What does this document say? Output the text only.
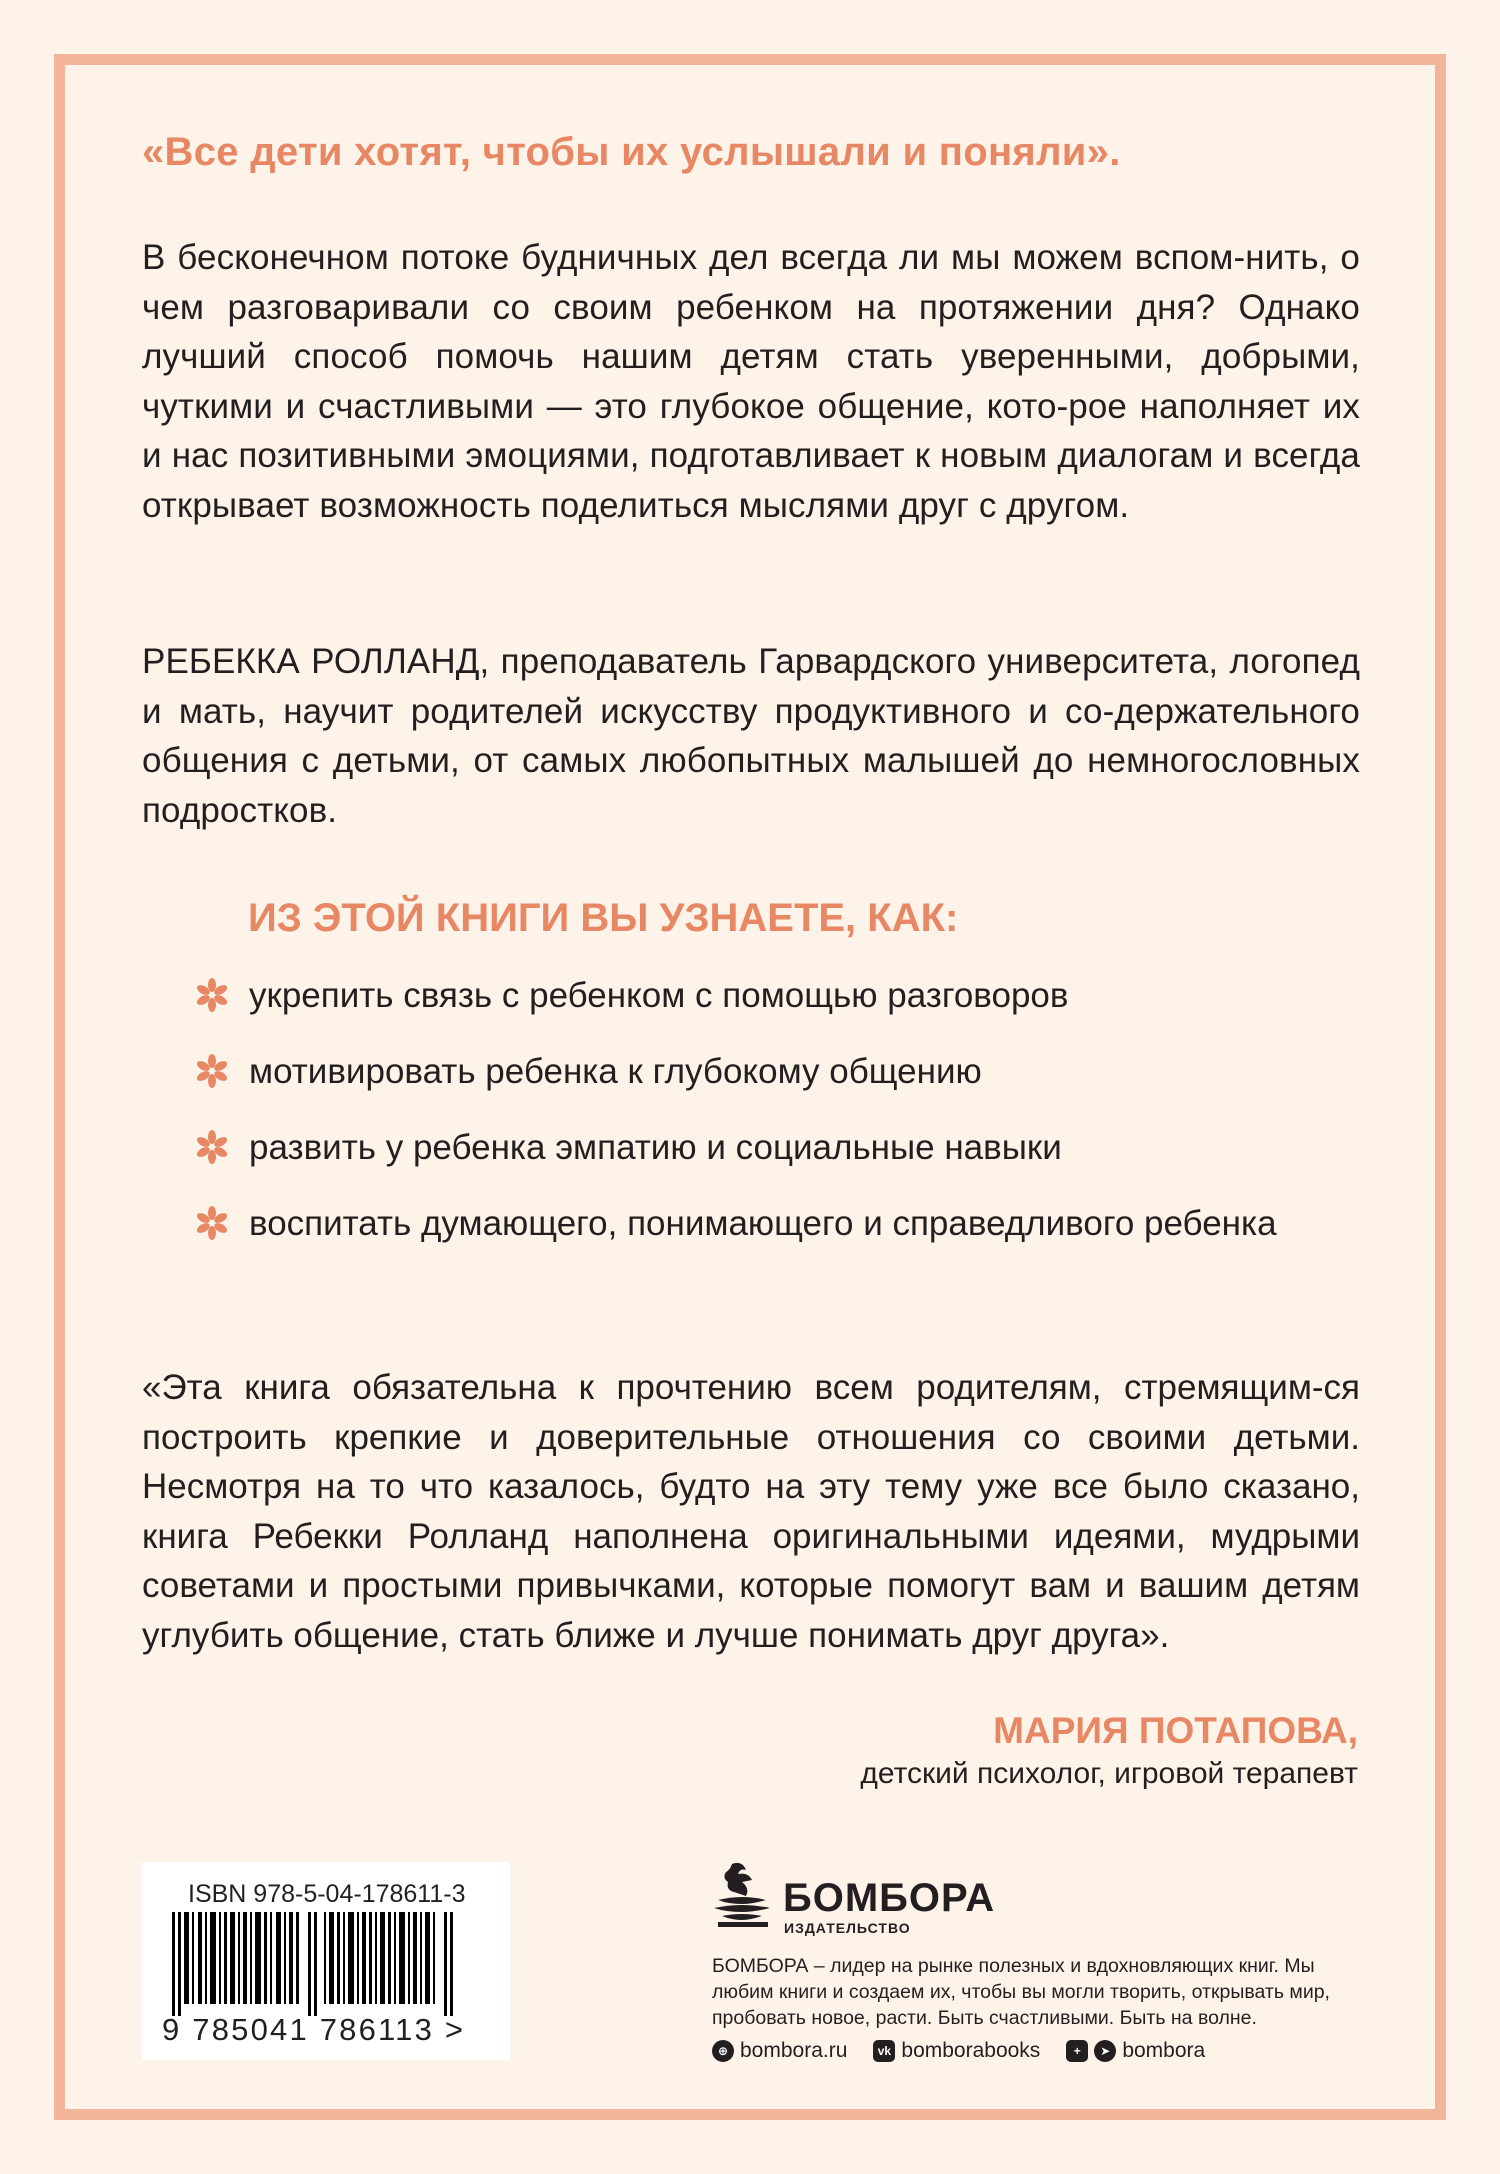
«Все дети хотят, чтобы их услышали и поняли».

В бесконечном потоке будничных дел всегда ли мы можем вспом-нить, о чем разговаривали со своим ребенком на протяжении дня? Однако лучший способ помочь нашим детям стать уверенными, добрыми, чуткими и счастливыми — это глубокое общение, кото-рое наполняет их и нас позитивными эмоциями, подготавливает к новым диалогам и всегда открывает возможность поделиться мыслями друг с другом.

РЕБЕККА РОЛЛАНД, преподаватель Гарвардского университета, логопед и мать, научит родителей искусству продуктивного и со-держательного общения с детьми, от самых любопытных малышей до немногословных подростков.

ИЗ ЭТОЙ КНИГИ ВЫ УЗНАЕТЕ, КАК:
укрепить связь с ребенком с помощью разговоров
мотивировать ребенка к глубокому общению
развить у ребенка эмпатию и социальные навыки
воспитать думающего, понимающего и справедливого ребенка

«Эта книга обязательна к прочтению всем родителям, стремящим-ся построить крепкие и доверительные отношения со своими детьми. Несмотря на то что казалось, будто на эту тему уже все было сказано, книга Ребекки Ролланд наполнена оригинальными идеями, мудрыми советами и простыми привычками, которые помогут вам и вашим детям углубить общение, стать ближе и лучше понимать друг друга».

МАРИЯ ПОТАПОВА,
детский психолог, игровой терапевт
ISBN 978-5-04-178611-3
9 785041 786113 >
БОМБОРА
ИЗДАТЕЛЬСТВО

БОМБОРА – лидер на рынке полезных и вдохновляющих книг. Мы любим книги и создаем их, чтобы вы могли творить, открывать мир, пробовать новое, расти. Быть счастливыми. Быть на волне.

⊕ bombora.ru	vk bomborabooks	+	➤ bombora
